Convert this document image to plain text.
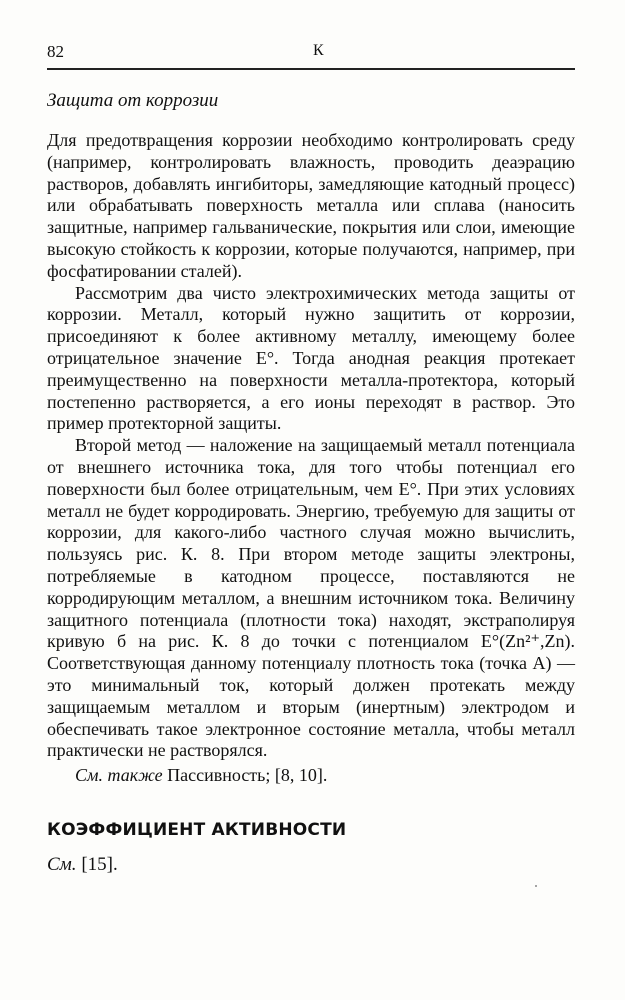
82	К
Защита от коррозии

Для предотвращения коррозии необходимо контролировать среду (например, контролировать влажность, проводить деаэрацию растворов, добавлять ингибиторы, замедляющие катодный процесс) или обрабатывать поверхность металла или сплава (наносить защитные, например гальванические, покрытия или слои, имеющие высокую стойкость к коррозии, которые получаются, например, при фосфатировании сталей).

Рассмотрим два чисто электрохимических метода защиты от коррозии. Металл, который нужно защитить от коррозии, присоединяют к более активному металлу, имеющему более отрицательное значение E°. Тогда анодная реакция протекает преимущественно на поверхности металла-протектора, который постепенно растворяется, а его ионы переходят в раствор. Это пример протекторной защиты.

Второй метод — наложение на защищаемый металл потенциала от внешнего источника тока, для того чтобы потенциал его поверхности был более отрицательным, чем E°. При этих условиях металл не будет корродировать. Энергию, требуемую для защиты от коррозии, для какого-либо частного случая можно вычислить, пользуясь рис. К. 8. При втором методе защиты электроны, потребляемые в катодном процессе, поставляются не корродирующим металлом, а внешним источником тока. Величину защитного потенциала (плотности тока) находят, экстраполируя кривую б на рис. К. 8 до точки с потенциалом E°(Zn²⁺,Zn). Соответствующая данному потенциалу плотность тока (точка A) — это минимальный ток, который должен протекать между защищаемым металлом и вторым (инертным) электродом и обеспечивать такое электронное состояние металла, чтобы металл практически не растворялся.

См. также Пассивность; [8, 10].

КОЭФФИЦИЕНТ АКТИВНОСТИ

См. [15].
